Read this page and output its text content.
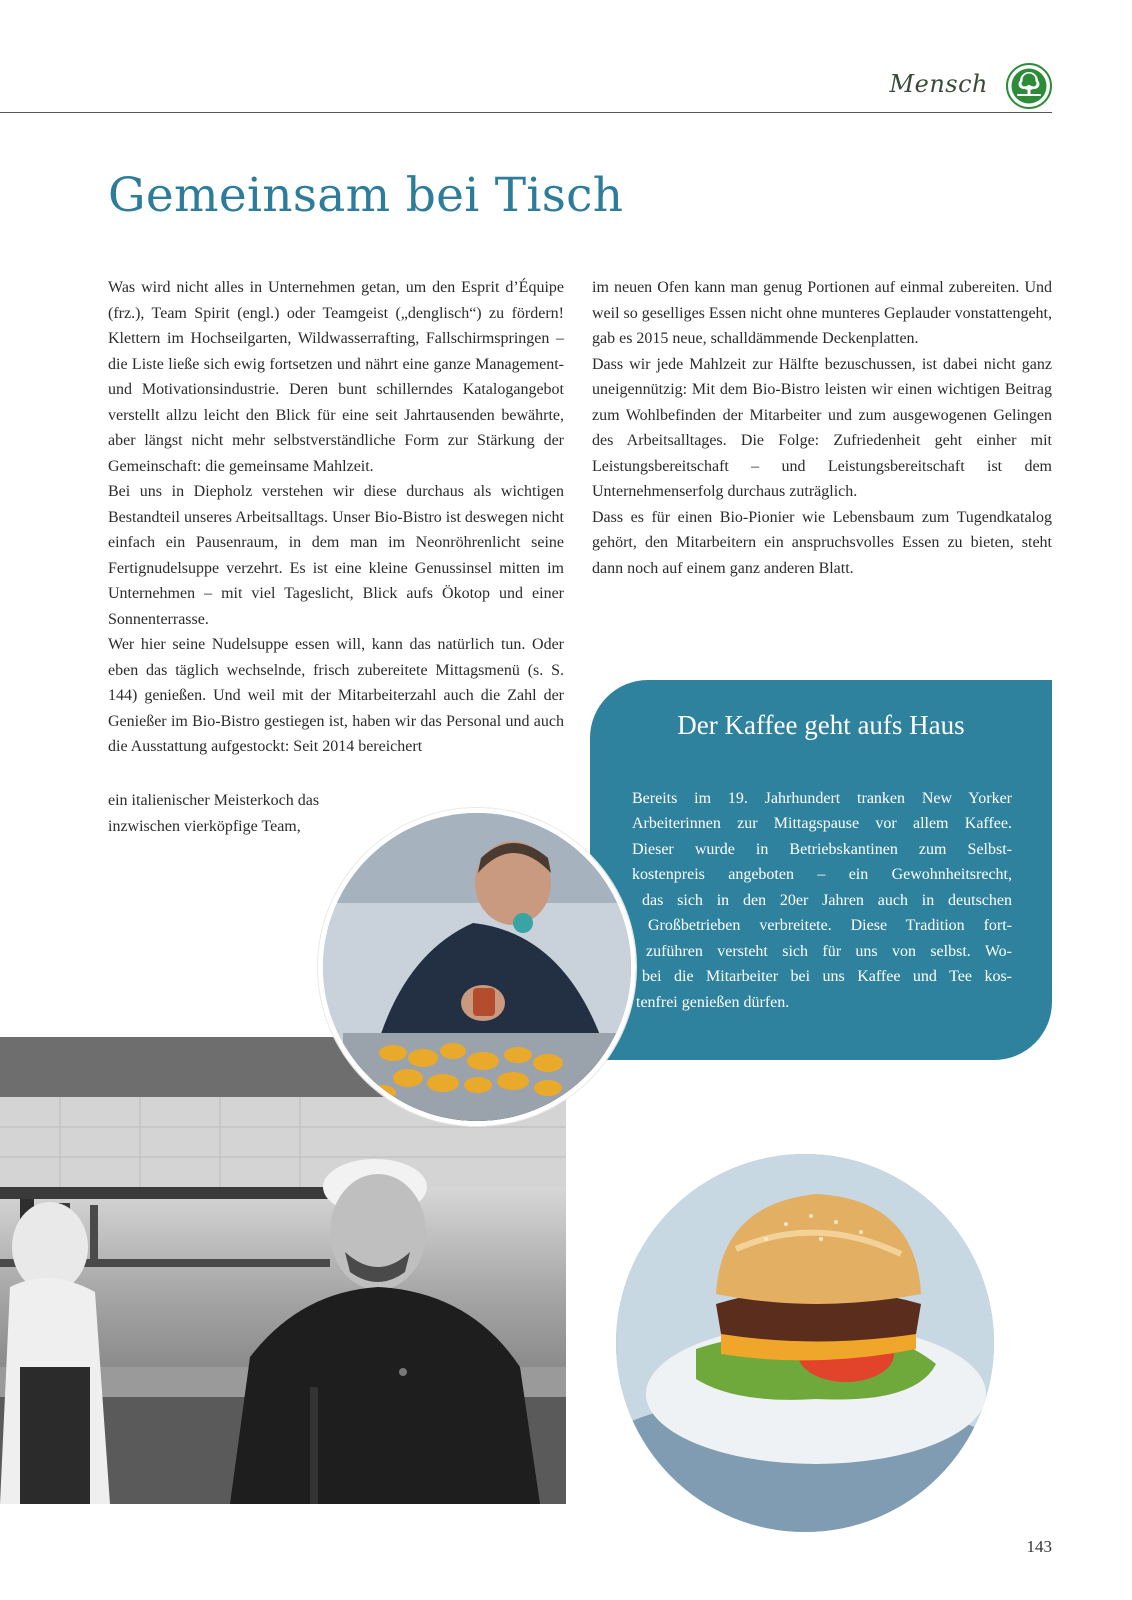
Mensch
Gemeinsam bei Tisch

Was wird nicht alles in Unternehmen getan, um den Esprit d’Équipe (frz.), Team Spirit (engl.) oder Teamgeist („denglisch“) zu fördern! Klettern im Hochseilgarten, Wildwasserrafting, Fallschirmspringen – die Liste ließe sich ewig fortsetzen und nährt eine ganze Management- und Motivationsindustrie. Deren bunt schillerndes Katalogangebot verstellt allzu leicht den Blick für eine seit Jahrtausenden bewährte, aber längst nicht mehr selbstverständliche Form zur Stärkung der Gemeinschaft: die gemeinsame Mahlzeit.

Bei uns in Diepholz verstehen wir diese durchaus als wichtigen Bestandteil unseres Arbeitsalltags. Unser Bio-Bistro ist deswegen nicht einfach ein Pausenraum, in dem man im Neonröhrenlicht seine Fertignudelsuppe verzehrt. Es ist eine kleine Genussinsel mitten im Unternehmen – mit viel Tageslicht, Blick aufs Ökotop und einer Sonnenterrasse.

Wer hier seine Nudelsuppe essen will, kann das natürlich tun. Oder eben das täglich wechselnde, frisch zubereitete Mittagsmenü (s. S. 144) genießen. Und weil mit der Mitarbeiterzahl auch die Zahl der Genießer im Bio-Bistro gestiegen ist, haben wir das Personal und auch die Ausstattung aufgestockt: Seit 2014 bereichert

ein italienischer Meisterkoch das

inzwischen vierköpfige Team,

im neuen Ofen kann man genug Portionen auf einmal zubereiten. Und weil so geselliges Essen nicht ohne munteres Geplauder vonstattengeht, gab es 2015 neue, schalldämmende Deckenplatten.

Dass wir jede Mahlzeit zur Hälfte bezuschussen, ist dabei nicht ganz uneigennützig: Mit dem Bio-Bistro leisten wir einen wichtigen Beitrag zum Wohlbefinden der Mitarbeiter und zum ausgewogenen Gelingen des Arbeitsalltages. Die Folge: Zufriedenheit geht einher mit Leistungsbereitschaft – und Leistungsbereitschaft ist dem Unternehmenserfolg durchaus zuträglich.

Dass es für einen Bio-Pionier wie Lebensbaum zum Tugendkatalog gehört, den Mitarbeitern ein anspruchsvolles Essen zu bieten, steht dann noch auf einem ganz anderen Blatt.

Der Kaffee geht aufs Haus
Bereits im 19. Jahrhundert tranken New Yorker
Arbeiterinnen zur Mittagspause vor allem Kaffee.
Dieser wurde in Betriebskantinen zum Selbst-
kostenpreis angeboten – ein Gewohnheitsrecht,
das sich in den 20er Jahren auch in deutschen
Großbetrieben verbreitete. Diese Tradition fort-
zuführen versteht sich für uns von selbst. Wo-
bei die Mitarbeiter bei uns Kaffee und Tee kos-
tenfrei genießen dürfen.
143
